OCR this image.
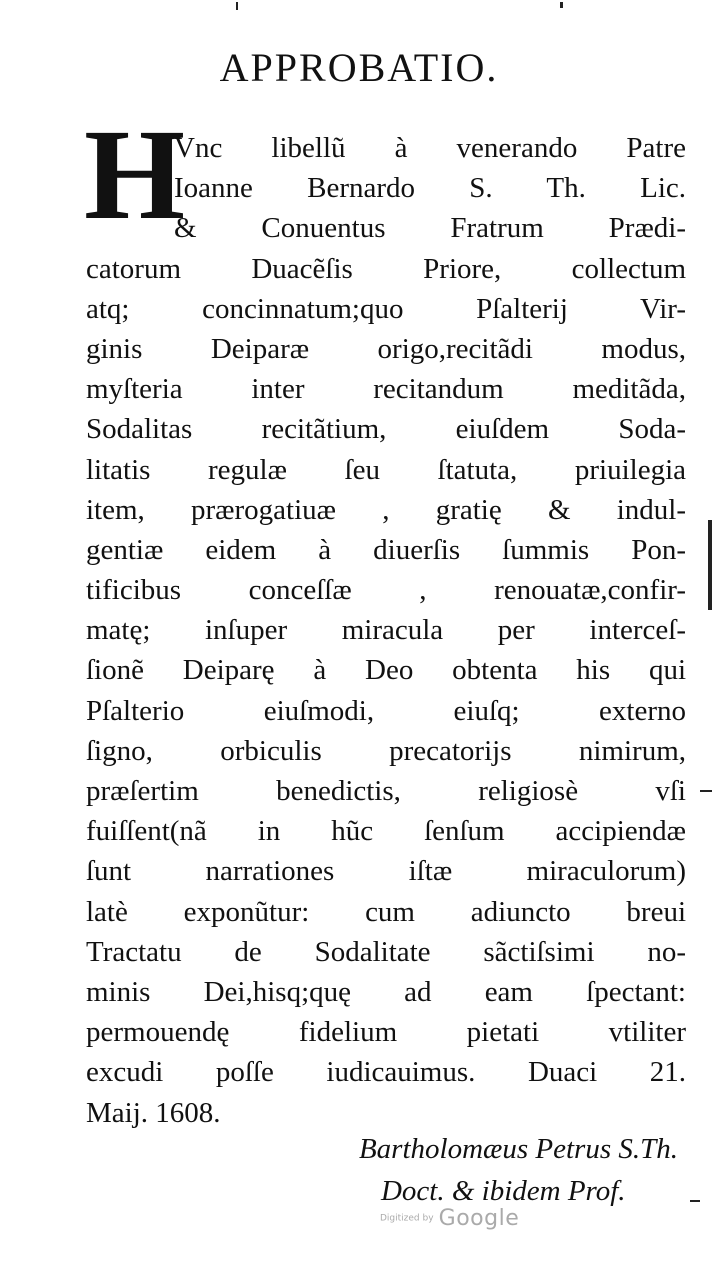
APPROBATIO.
H
Vnc libellũ à venerando Patre
Ioanne Bernardo S. Th. Lic.
& Conuentus Fratrum Prædi-
catorum Duacẽſis Priore, collectum
atq; concinnatum;quo Pſalterij Vir-
ginis Deiparæ origo,recitãdi modus,
myſteria inter recitandum meditãda,
Sodalitas recitãtium, eiuſdem Soda-
litatis regulæ ſeu ſtatuta, priuilegia
item, prærogatiuæ , gratię & indul-
gentiæ eidem à diuerſis ſummis Pon-
tificibus conceſſæ , renouatæ,confir-
matę; inſuper miracula per interceſ-
ſionẽ Deiparę à Deo obtenta his qui
Pſalterio eiuſmodi, eiuſq; externo
ſigno, orbiculis precatorijs nimirum,
præſertim benedictis, religiosè vſi
fuiſſent(nã in hũc ſenſum accipiendæ
ſunt narrationes iſtæ miraculorum)
latè exponũtur: cum adiuncto breui
Tractatu de Sodalitate sãctiſsimi no-
minis Dei,hisq;quę ad eam ſpectant:
permouendę fidelium pietati vtiliter
excudi poſſe iudicauimus. Duaci 21.
Maij. 1608.
Bartholomæus Petrus S.Th.
Doct. & ibidem Prof.
Digitized by Google
